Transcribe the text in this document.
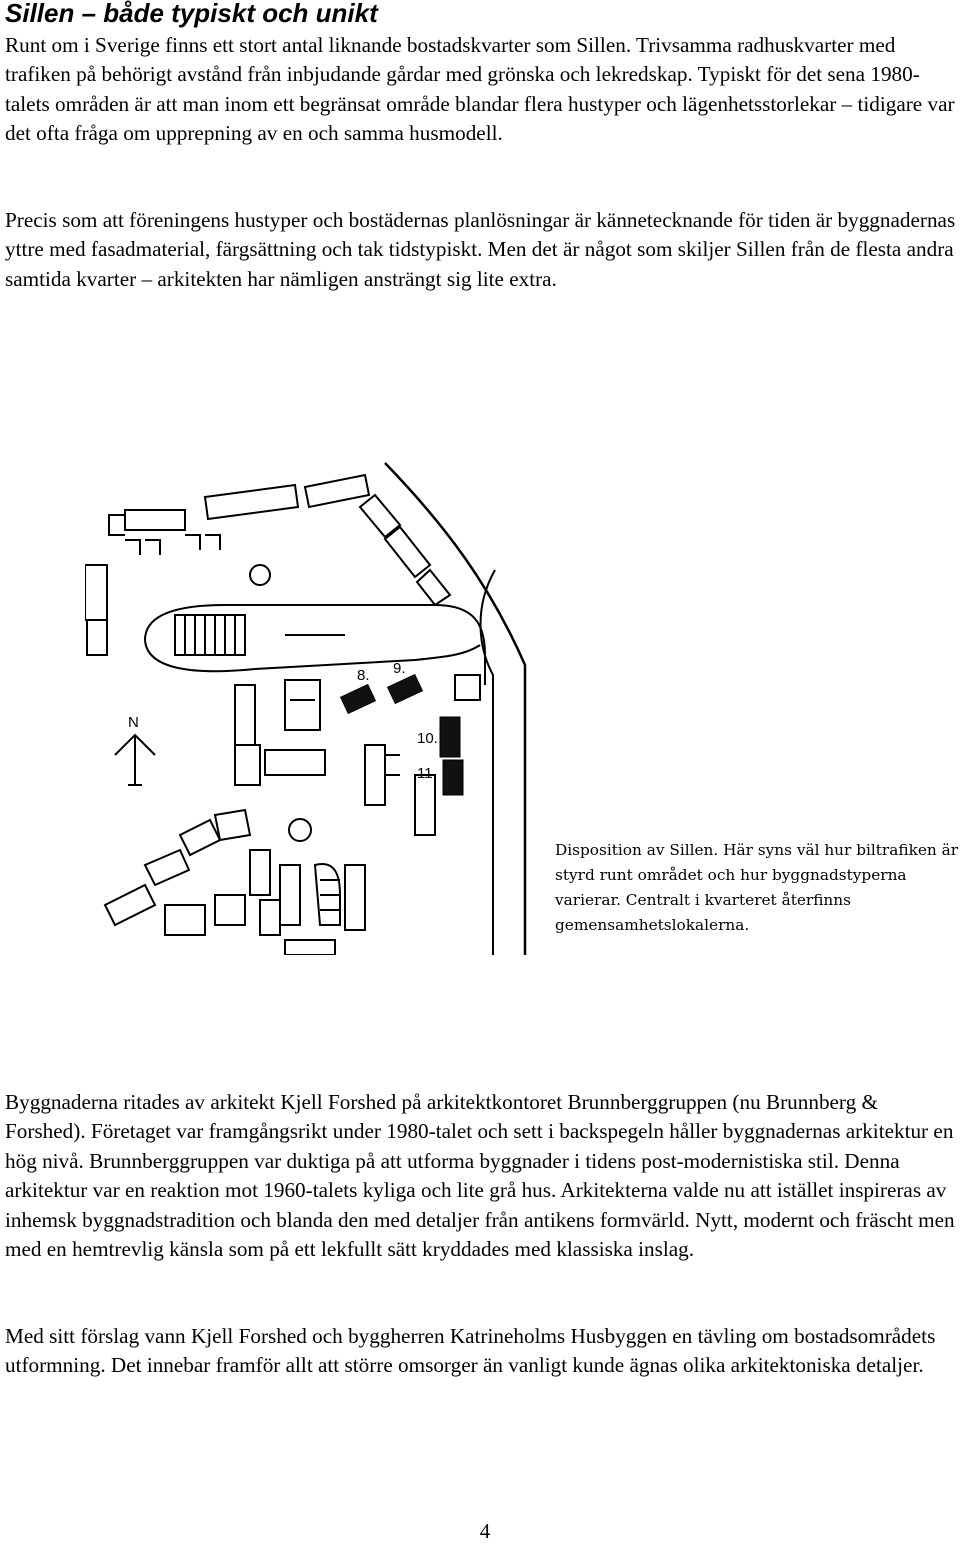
Sillen – både typiskt och unikt

Runt om i Sverige finns ett stort antal liknande bostadskvarter som Sillen. Trivsamma radhuskvarter med trafiken på behörigt avstånd från inbjudande gårdar med grönska och lekredskap. Typiskt för det sena 1980-talets områden är att man inom ett begränsat område blandar flera hustyper och lägenhetsstorlekar – tidigare var det ofta fråga om upprepning av en och samma husmodell.

Precis som att föreningens hustyper och bostädernas planlösningar är kännetecknande för tiden är byggnadernas yttre med fasadmaterial, färgsättning och tak tidstypiskt. Men det är något som skiljer Sillen från de flesta andra samtida kvarter – arkitekten har nämligen ansträngt sig lite extra.

N
8. 9.
10.
11.

Disposition av Sillen. Här syns väl hur biltrafiken är styrd runt området och hur byggnadstyperna varierar. Centralt i kvarteret återfinns gemensamhetslokalerna.

Byggnaderna ritades av arkitekt Kjell Forshed på arkitektkontoret Brunnberggruppen (nu Brunnberg & Forshed). Företaget var framgångsrikt under 1980-talet och sett i backspegeln håller byggnadernas arkitektur en hög nivå. Brunnberggruppen var duktiga på att utforma byggnader i tidens post-modernistiska stil. Denna arkitektur var en reaktion mot 1960-talets kyliga och lite grå hus. Arkitekterna valde nu att istället inspireras av inhemsk byggnadstradition och blanda den med detaljer från antikens formvärld. Nytt, modernt och fräscht men med en hemtrevlig känsla som på ett lekfullt sätt kryddades med klassiska inslag.

Med sitt förslag vann Kjell Forshed och byggherren Katrineholms Husbyggen en tävling om bostadsområdets utformning. Det innebar framför allt att större omsorger än vanligt kunde ägnas olika arkitektoniska detaljer.

4
